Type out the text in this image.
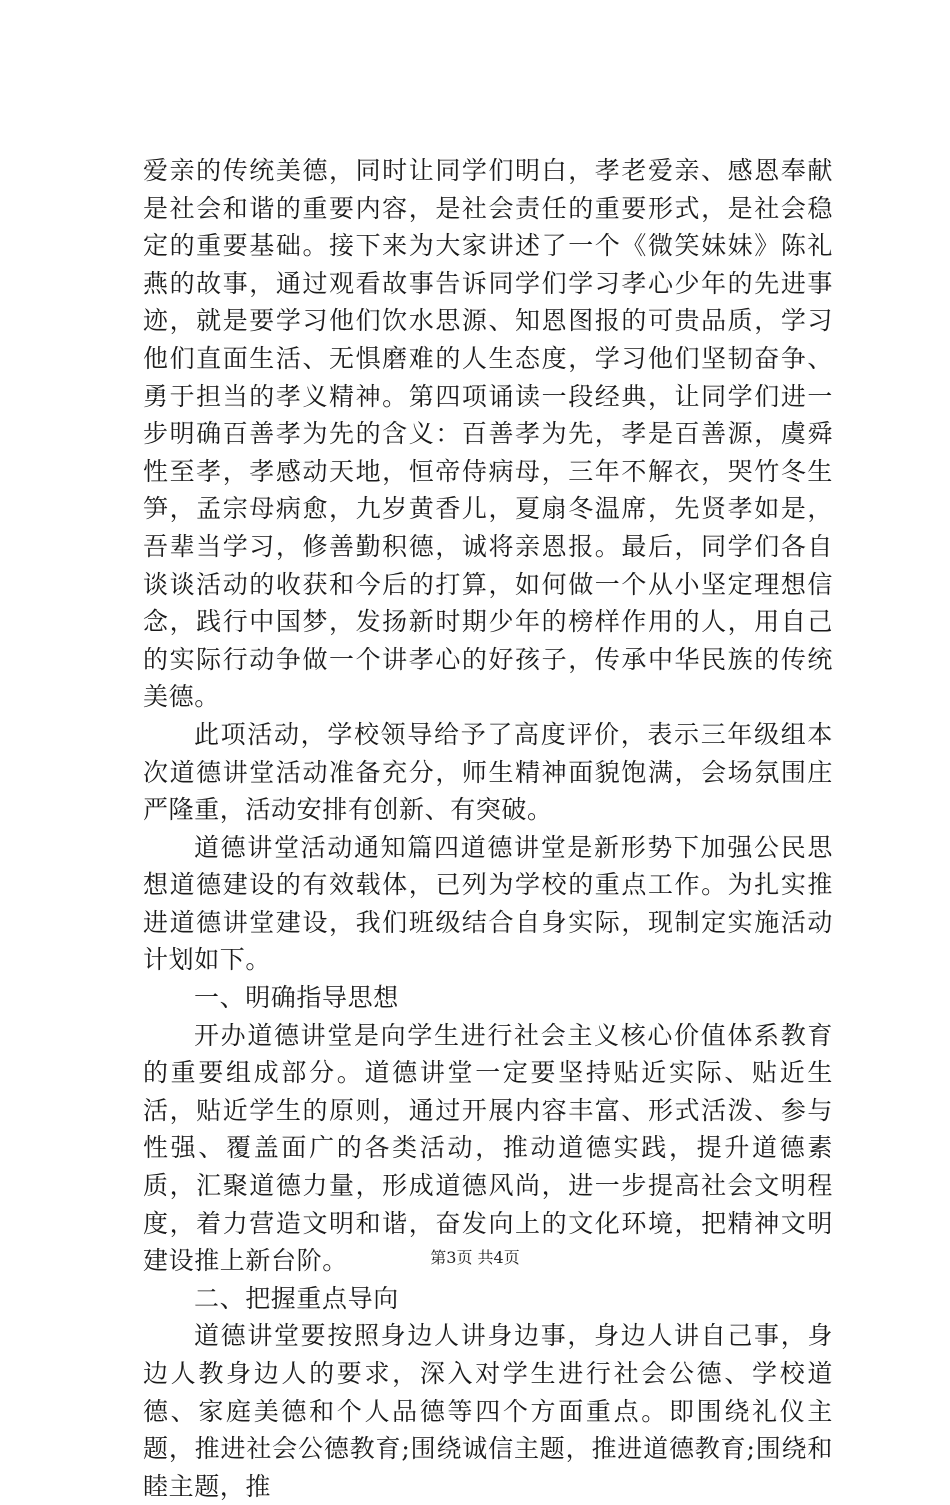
爱亲的传统美德，同时让同学们明白，孝老爱亲、感恩奉献是社会和谐的重要内容，是社会责任的重要形式，是社会稳定的重要基础。接下来为大家讲述了一个《微笑妹妹》陈礼燕的故事，通过观看故事告诉同学们学习孝心少年的先进事迹，就是要学习他们饮水思源、知恩图报的可贵品质，学习他们直面生活、无惧磨难的人生态度，学习他们坚韧奋争、勇于担当的孝义精神。第四项诵读一段经典，让同学们进一步明确百善孝为先的含义：百善孝为先，孝是百善源，虞舜性至孝，孝感动天地，恒帝侍病母，三年不解衣，哭竹冬生笋，孟宗母病愈，九岁黄香儿，夏扇冬温席，先贤孝如是，吾辈当学习，修善勤积德，诚将亲恩报。最后，同学们各自谈谈活动的收获和今后的打算，如何做一个从小坚定理想信念，践行中国梦，发扬新时期少年的榜样作用的人，用自己的实际行动争做一个讲孝心的好孩子，传承中华民族的传统美德。

此项活动，学校领导给予了高度评价，表示三年级组本次道德讲堂活动准备充分，师生精神面貌饱满，会场氛围庄严隆重，活动安排有创新、有突破。

道德讲堂活动通知篇四道德讲堂是新形势下加强公民思想道德建设的有效载体，已列为学校的重点工作。为扎实推进道德讲堂建设，我们班级结合自身实际，现制定实施活动计划如下。

一、明确指导思想

开办道德讲堂是向学生进行社会主义核心价值体系教育的重要组成部分。道德讲堂一定要坚持贴近实际、贴近生活，贴近学生的原则，通过开展内容丰富、形式活泼、参与性强、覆盖面广的各类活动，推动道德实践，提升道德素质，汇聚道德力量，形成道德风尚，进一步提高社会文明程度，着力营造文明和谐，奋发向上的文化环境，把精神文明建设推上新台阶。

二、把握重点导向

道德讲堂要按照身边人讲身边事，身边人讲自己事，身边人教身边人的要求，深入对学生进行社会公德、学校道德、家庭美德和个人品德等四个方面重点。即围绕礼仪主题，推进社会公德教育;围绕诚信主题，推进道德教育;围绕和睦主题，推

第3页 共4页
